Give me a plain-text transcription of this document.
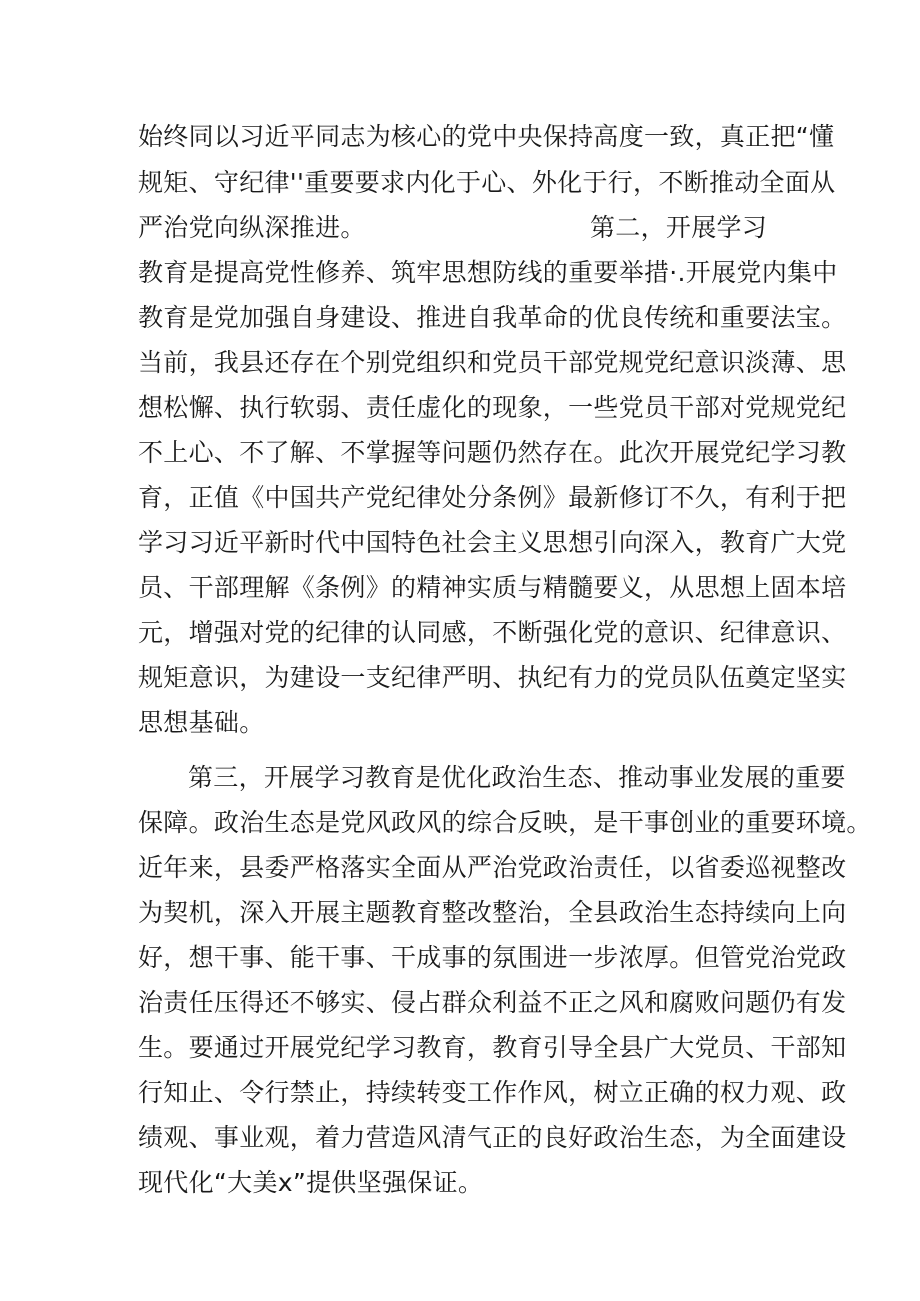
始终同以习近平同志为核心的党中央保持高度一致，真正把“懂
规矩、守纪律''重要要求内化于心、外化于行，不断推动全面从
严治党向纵深推进。	第二，开展学习
教育是提高党性修养、筑牢思想防线的重要举措·.开展党内集中
教育是党加强自身建设、推进自我革命的优良传统和重要法宝。
当前，我县还存在个别党组织和党员干部党规党纪意识淡薄、思
想松懈、执行软弱、责任虚化的现象，一些党员干部对党规党纪
不上心、不了解、不掌握等问题仍然存在。此次开展党纪学习教
育，正值《中国共产党纪律处分条例》最新修订不久，有利于把
学习习近平新时代中国特色社会主义思想引向深入，教育广大党
员、干部理解《条例》的精神实质与精髓要义，从思想上固本培
元，增强对党的纪律的认同感，不断强化党的意识、纪律意识、
规矩意识，为建设一支纪律严明、执纪有力的党员队伍奠定坚实
思想基础。
第三，开展学习教育是优化政治生态、推动事业发展的重要
保障。政治生态是党风政风的综合反映，是干事创业的重要环境。
近年来，县委严格落实全面从严治党政治责任，以省委巡视整改
为契机，深入开展主题教育整改整治，全县政治生态持续向上向
好，想干事、能干事、干成事的氛围进一步浓厚。但管党治党政
治责任压得还不够实、侵占群众利益不正之风和腐败问题仍有发
生。要通过开展党纪学习教育，教育引导全县广大党员、干部知
行知止、令行禁止，持续转变工作作风，树立正确的权力观、政
绩观、事业观，着力营造风清气正的良好政治生态，为全面建设
现代化“大美x”提供坚强保证。
